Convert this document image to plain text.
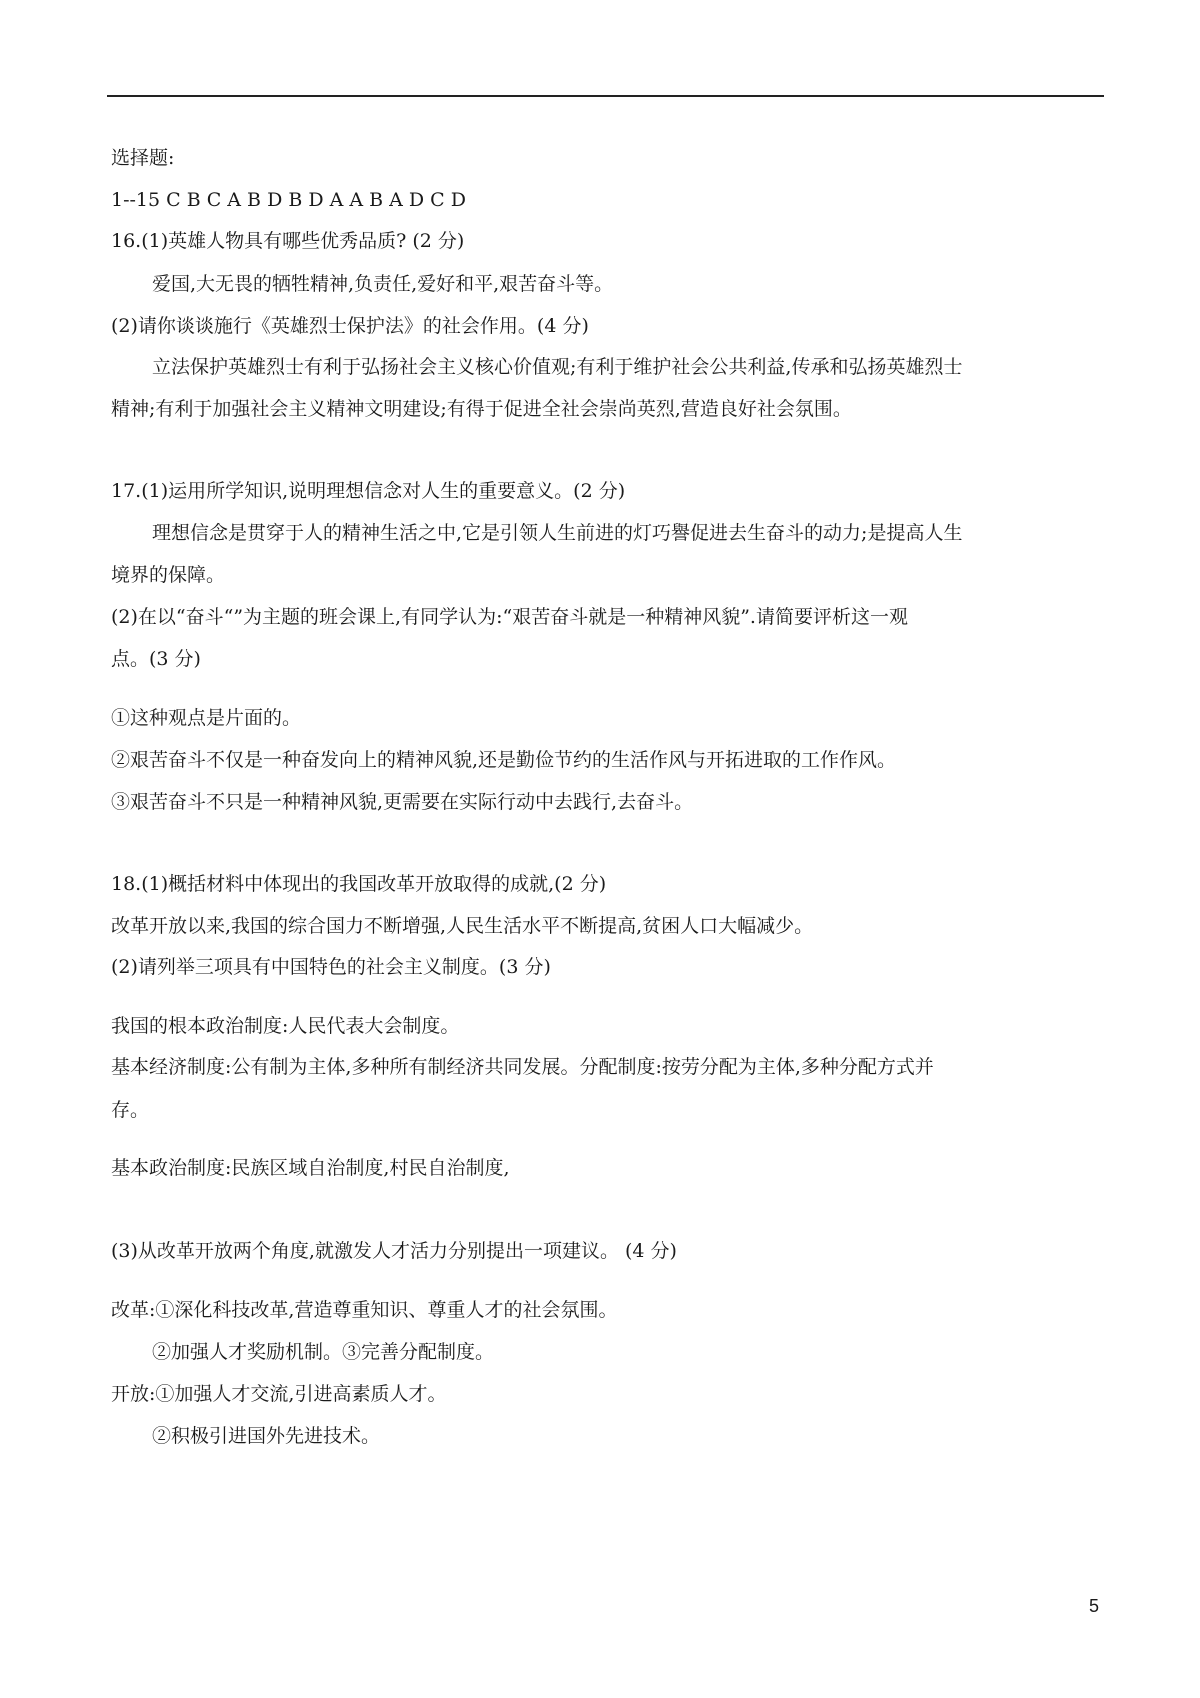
选择题:
1--15 C B C A B D B D A A B A D C D
16.(1)英雄人物具有哪些优秀品质? (2 分)
爱国,大无畏的牺牲精神,负责任,爱好和平,艰苦奋斗等。
(2)请你谈谈施行《英雄烈士保护法》的社会作用。(4 分)
立法保护英雄烈士有利于弘扬社会主义核心价值观;有利于维护社会公共利益,传承和弘扬英雄烈士
精神;有利于加强社会主义精神文明建设;有得于促进全社会崇尚英烈,营造良好社会氛围。
17.(1)运用所学知识,说明理想信念对人生的重要意义。(2 分)
理想信念是贯穿于人的精神生活之中,它是引领人生前进的灯巧譽促进去生奋斗的动力;是提高人生
境界的保障。
(2)在以“奋斗“”为主题的班会课上,有同学认为:“艰苦奋斗就是一种精神风貌”.请简要评析这一观
点。(3 分)
①这种观点是片面的。
②艰苦奋斗不仅是一种奋发向上的精神风貌,还是勤俭节约的生活作风与开拓进取的工作作风。
③艰苦奋斗不只是一种精神风貌,更需要在实际行动中去践行,去奋斗。
18.(1)概括材料中体现出的我国改革开放取得的成就,(2 分)
改革开放以来,我国的综合国力不断增强,人民生活水平不断提高,贫困人口大幅减少。
(2)请列举三项具有中国特色的社会主义制度。(3 分)
我国的根本政治制度:人民代表大会制度。
基本经济制度:公有制为主体,多种所有制经济共同发展。分配制度:按劳分配为主体,多种分配方式并
存。
基本政治制度:民族区域自治制度,村民自治制度,
(3)从改革开放两个角度,就激发人才活力分别提出一项建议。 (4 分)
改革:①深化科技改革,营造尊重知识、尊重人才的社会氛围。
②加强人才奖励机制。③完善分配制度。
开放:①加强人才交流,引进高素质人才。
②积极引进国外先进技术。
5
